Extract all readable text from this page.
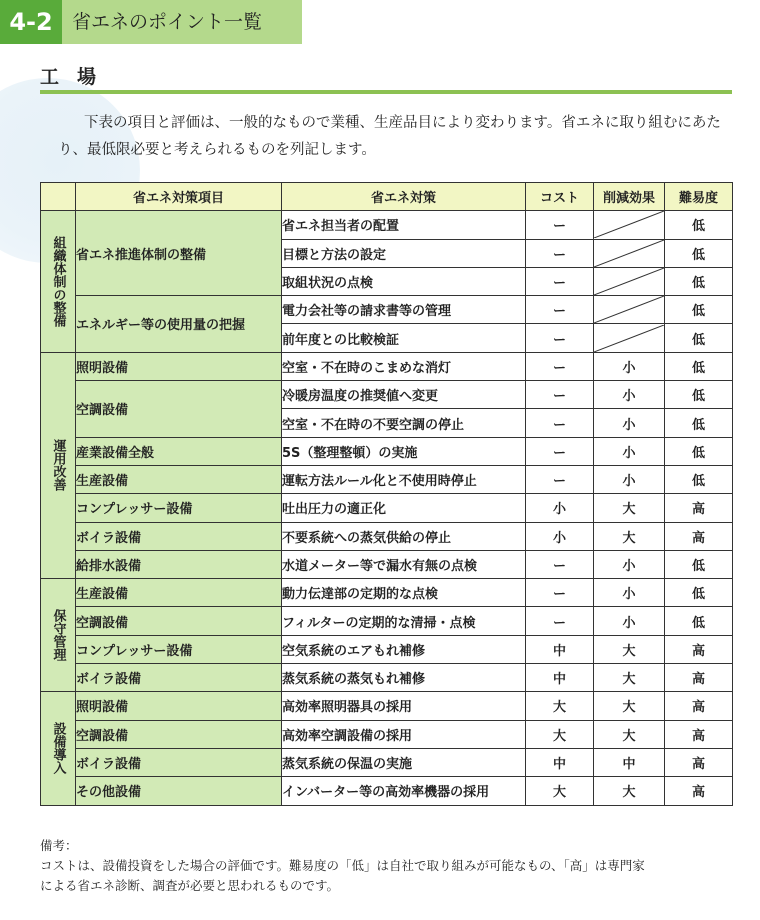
4-2	省エネのポイント一覧
工場
下表の項目と評価は、一般的なもので業種、生産品目により変わります。省エネに取り組むにあたり、最低限必要と考えられるものを列記します。
	省エネ対策項目	省エネ対策	コスト	削減効果	難易度

組織体制の整備	省エネ推進体制の整備	省エネ担当者の配置	ー		低
		目標と方法の設定	ー		低
		取組状況の点検	ー		低
	エネルギー等の使用量の把握	電力会社等の請求書等の管理	ー		低
		前年度との比較検証	ー		低

運用改善	照明設備	空室・不在時のこまめな消灯	ー	小	低
	空調設備	冷暖房温度の推奨値へ変更	ー	小	低
		空室・不在時の不要空調の停止	ー	小	低
	産業設備全般	5S（整理整頓）の実施	ー	小	低
	生産設備	運転方法ルール化と不使用時停止	ー	小	低
	コンプレッサー設備	吐出圧力の適正化	小	大	高
	ボイラ設備	不要系統への蒸気供給の停止	小	大	高
	給排水設備	水道メーター等で漏水有無の点検	ー	小	低

保守管理	生産設備	動力伝達部の定期的な点検	ー	小	低
	空調設備	フィルターの定期的な清掃・点検	ー	小	低
	コンプレッサー設備	空気系統のエアもれ補修	中	大	高
	ボイラ設備	蒸気系統の蒸気もれ補修	中	大	高

設備導入	照明設備	高効率照明器具の採用	大	大	高
	空調設備	高効率空調設備の採用	大	大	高
	ボイラ設備	蒸気系統の保温の実施	中	中	高
	その他設備	インバーター等の高効率機器の採用	大	大	高
備考：
コストは、設備投資をした場合の評価です。難易度の「低」は自社で取り組みが可能なもの、「高」は専門家
による省エネ診断、調査が必要と思われるものです。
